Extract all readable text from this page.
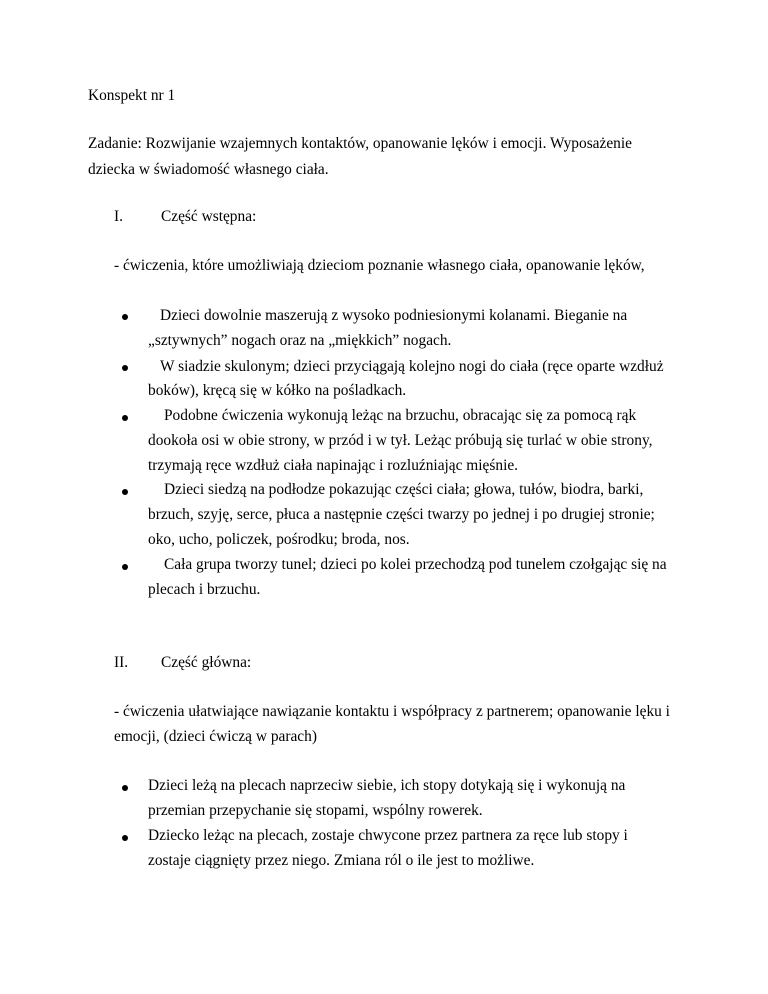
Konspekt nr 1
Zadanie: Rozwijanie wzajemnych kontaktów, opanowanie lęków i emocji. Wyposażenie
dziecka w świadomość własnego ciała.
I. Część wstępna:
- ćwiczenia, które umożliwiają dzieciom poznanie własnego ciała, opanowanie lęków,
Dzieci dowolnie maszerują z wysoko podniesionymi kolanami. Bieganie na
„sztywnych” nogach oraz na „miękkich” nogach.
W siadzie skulonym; dzieci przyciągają kolejno nogi do ciała (ręce oparte wzdłuż
boków), kręcą się w kółko na pośladkach.
Podobne ćwiczenia wykonują leżąc na brzuchu, obracając się za pomocą rąk
dookoła osi w obie strony, w przód i w tył. Leżąc próbują się turlać w obie strony,
trzymają ręce wzdłuż ciała napinając i rozluźniając mięśnie.
Dzieci siedzą na podłodze pokazując części ciała; głowa, tułów, biodra, barki,
brzuch, szyję, serce, płuca a następnie części twarzy po jednej i po drugiej stronie;
oko, ucho, policzek, pośrodku; broda, nos.
Cała grupa tworzy tunel; dzieci po kolei przechodzą pod tunelem czołgając się na
plecach i brzuchu.
II. Część główna:
- ćwiczenia ułatwiające nawiązanie kontaktu i współpracy z partnerem; opanowanie lęku i
emocji, (dzieci ćwiczą w parach)
Dzieci leżą na plecach naprzeciw siebie, ich stopy dotykają się i wykonują na
przemian przepychanie się stopami, wspólny rowerek.
Dziecko leżąc na plecach, zostaje chwycone przez partnera za ręce lub stopy i
zostaje ciągnięty przez niego. Zmiana ról o ile jest to możliwe.
